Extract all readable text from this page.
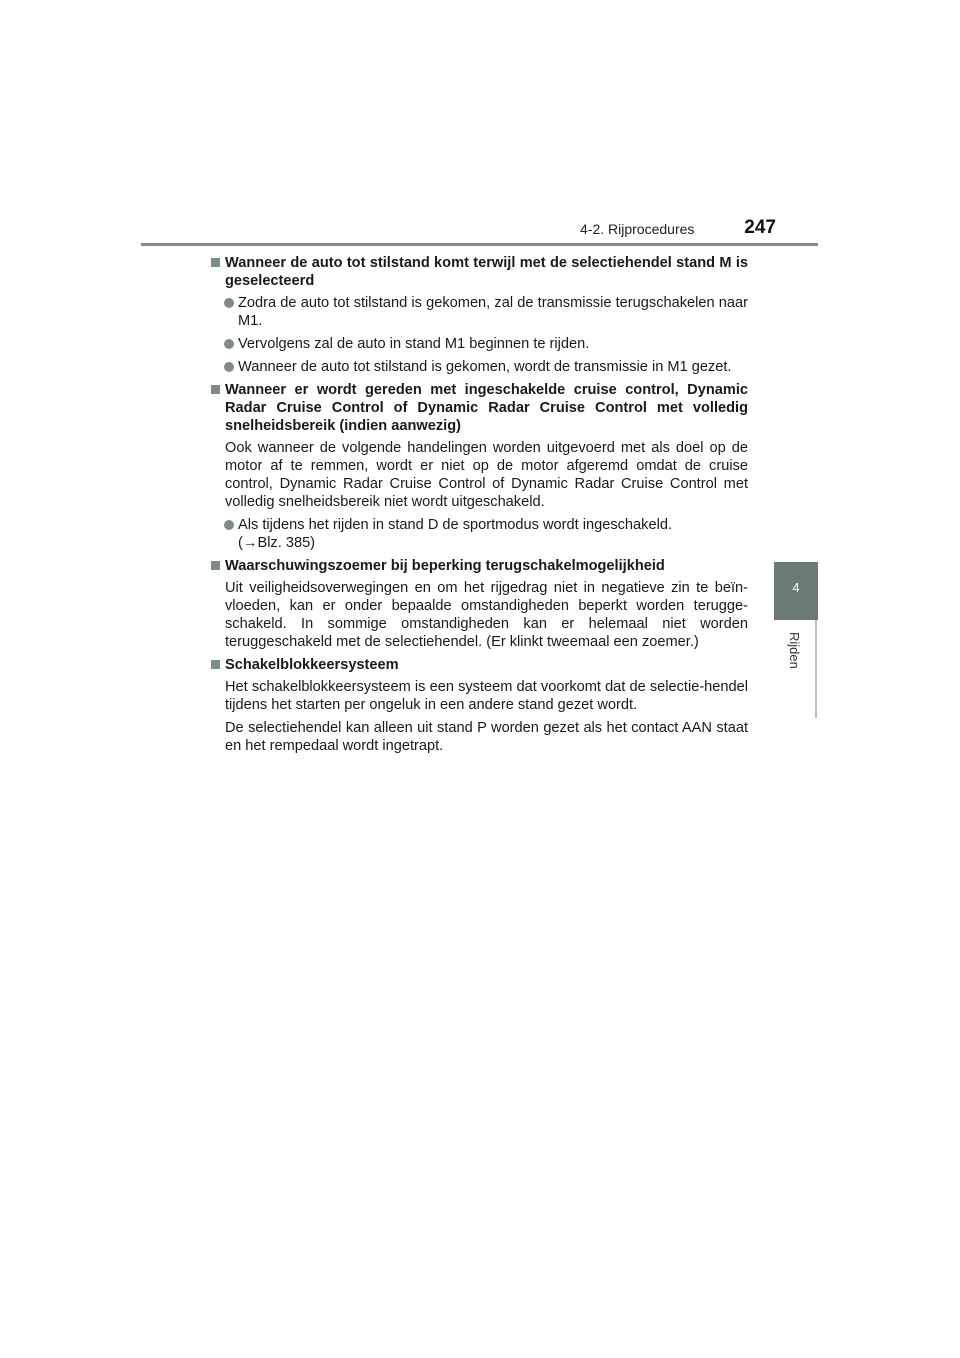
4-2. Rijprocedures	247
4
Rijden
Wanneer de auto tot stilstand komt terwijl met de selectiehendel stand M is geselecteerd
Zodra de auto tot stilstand is gekomen, zal de transmissie terugschakelen naar M1.
Vervolgens zal de auto in stand M1 beginnen te rijden.
Wanneer de auto tot stilstand is gekomen, wordt de transmissie in M1 gezet.
Wanneer er wordt gereden met ingeschakelde cruise control, Dynamic Radar Cruise Control of Dynamic Radar Cruise Control met volledig snelheidsbereik (indien aanwezig)
Ook wanneer de volgende handelingen worden uitgevoerd met als doel op de motor af te remmen, wordt er niet op de motor afgeremd omdat de cruise control, Dynamic Radar Cruise Control of Dynamic Radar Cruise Control met volledig snelheidsbereik niet wordt uitgeschakeld.
Als tijdens het rijden in stand D de sportmodus wordt ingeschakeld.
(→Blz. 385)
Waarschuwingszoemer bij beperking terugschakelmogelijkheid
Uit veiligheidsoverwegingen en om het rijgedrag niet in negatieve zin te beïn-vloeden, kan er onder bepaalde omstandigheden beperkt worden terugge-schakeld. In sommige omstandigheden kan er helemaal niet worden teruggeschakeld met de selectiehendel. (Er klinkt tweemaal een zoemer.)
Schakelblokkeersysteem
Het schakelblokkeersysteem is een systeem dat voorkomt dat de selectie-hendel tijdens het starten per ongeluk in een andere stand gezet wordt.
De selectiehendel kan alleen uit stand P worden gezet als het contact AAN staat en het rempedaal wordt ingetrapt.
